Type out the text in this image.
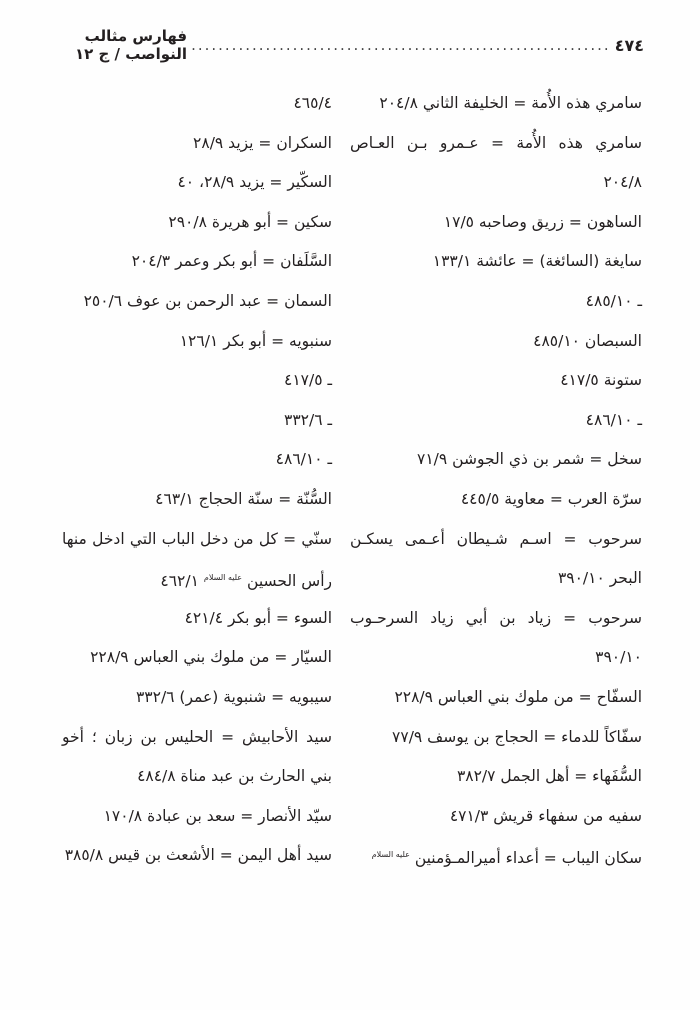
٤٧٤
..............................................................
فهارس مثالب النواصب / ج ١٢
سامري هذه الأُمة = الخليفة الثاني ٢٠٤/٨
سامري هذه الأُمة = عـمرو بـن العـاص
٢٠٤/٨
الساهون = زريق وصاحبه ١٧/٥
سايغة (السائغة) = عائشة ١٣٣/١
ـ ٤٨٥/١٠
السبصان ٤٨٥/١٠
ستونة ٤١٧/٥
ـ ٤٨٦/١٠
سخل = شمر بن ذي الجوشن ٧١/٩
سرّة العرب = معاوية ٤٤٥/٥
سرحوب = اسـم شـيطان أعـمى يسكـن
البحر ٣٩٠/١٠
سرحوب = زياد بن أبي زياد السرحـوب
٣٩٠/١٠
السفّاح = من ملوك بني العباس ٢٢٨/٩
سفّاكاً للدماء = الحجاج بن يوسف ٧٧/٩
السُّفَهاء = أهل الجمل ٣٨٢/٧
سفيه من سفهاء قريش ٤٧١/٣
سكان اليباب = أعداء أميرالمـؤمنين $^{عليه السلام}$
٤٦٥/٤
السكران = يزيد ٢٨/٩
السكّير = يزيد ٢٨/٩، ٤٠
سكين = أبو هريرة ٢٩٠/٨
السَّلَفان = أبو بكر وعمر ٢٠٤/٣
السمان = عبد الرحمن بن عوف ٢٥٠/٦
سنبويه = أبو بكر ١٢٦/١
ـ ٤١٧/٥
ـ ٣٣٢/٦
ـ ٤٨٦/١٠
السُّنّة = سنّة الحجاج ٤٦٣/١
سنّي = كل من دخل الباب التي ادخل منها
رأس الحسين $^{عليه السلام}$ ٤٦٢/١
السوء = أبو بكر ٤٢١/٤
السيّار = من ملوك بني العباس ٢٢٨/٩
سيبويه = شنبوية (عمر) ٣٣٢/٦
سيد الأحابيش = الحليس بن زبان ؛ أخو
بني الحارث بن عبد مناة ٤٨٤/٨
سيّد الأنصار = سعد بن عبادة ١٧٠/٨
سيد أهل اليمن = الأشعث بن قيس ٣٨٥/٨
